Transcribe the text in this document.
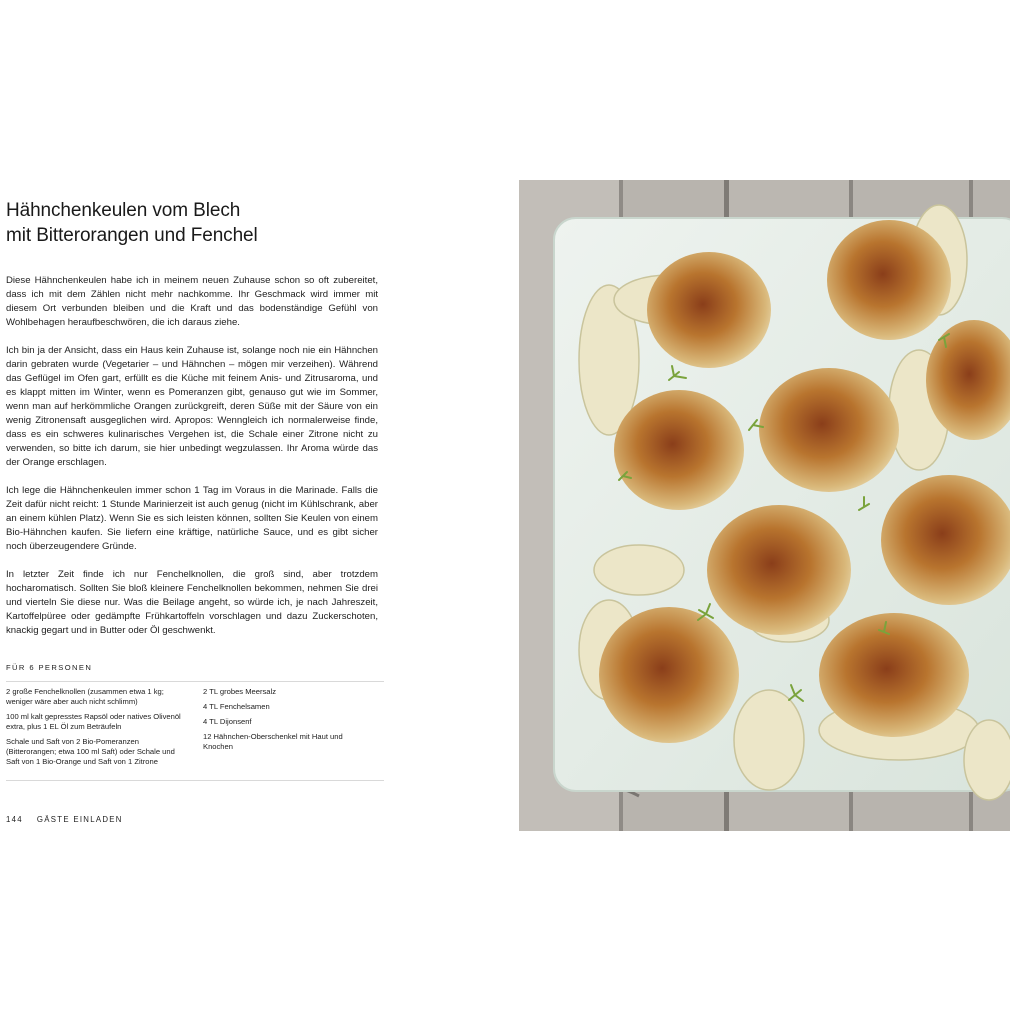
Hähnchenkeulen vom Blech
mit Bitterorangen und Fenchel

Diese Hähnchenkeulen habe ich in meinem neuen Zuhause schon so oft zubereitet, dass ich mit dem Zählen nicht mehr nachkomme. Ihr Geschmack wird immer mit diesem Ort verbunden bleiben und die Kraft und das bodenständige Gefühl von Wohlbehagen heraufbeschwören, die ich daraus ziehe.

Ich bin ja der Ansicht, dass ein Haus kein Zuhause ist, solange noch nie ein Hähnchen darin gebraten wurde (Vegetarier – und Hähnchen – mögen mir verzeihen). Während das Geflügel im Ofen gart, erfüllt es die Küche mit feinem Anis- und Zitrusaroma, und es klappt mitten im Winter, wenn es Pomeranzen gibt, genauso gut wie im Sommer, wenn man auf herkömmliche Orangen zurückgreift, deren Süße mit der Säure von ein wenig Zitronensaft ausgeglichen wird. Apropos: Wenngleich ich normalerweise finde, dass es ein schweres kulinarisches Vergehen ist, die Schale einer Zitrone nicht zu verwenden, so bitte ich darum, sie hier unbedingt wegzulassen. Ihr Aroma würde das der Orange erschlagen.

Ich lege die Hähnchenkeulen immer schon 1 Tag im Voraus in die Marinade. Falls die Zeit dafür nicht reicht: 1 Stunde Marinierzeit ist auch genug (nicht im Kühlschrank, aber an einem kühlen Platz). Wenn Sie es sich leisten können, sollten Sie Keulen von einem Bio-Hähnchen kaufen. Sie liefern eine kräftige, natürliche Sauce, und es gibt sicher noch überzeugendere Gründe.

In letzter Zeit finde ich nur Fenchelknollen, die groß sind, aber trotzdem hocharomatisch. Sollten Sie bloß kleinere Fenchelknollen bekommen, nehmen Sie drei und vierteln Sie diese nur. Was die Beilage angeht, so würde ich, je nach Jahreszeit, Kartoffelpüree oder gedämpfte Frühkartoffeln vorschlagen und dazu Zuckerschoten, knackig gegart und in Butter oder Öl geschwenkt.

FÜR 6 PERSONEN
2 große Fenchelknollen (zusammen etwa 1 kg; weniger wäre aber auch nicht schlimm)
100 ml kalt gepresstes Rapsöl oder natives Olivenöl extra, plus 1 EL Öl zum Beträufeln
Schale und Saft von 2 Bio-Pomeranzen (Bitterorangen; etwa 100 ml Saft) oder Schale und Saft von 1 Bio-Orange und Saft von 1 Zitrone
2 TL grobes Meersalz
4 TL Fenchelsamen
4 TL Dijonsenf
12 Hähnchen-Oberschenkel mit Haut und Knochen
144 GÄSTE EINLADEN
